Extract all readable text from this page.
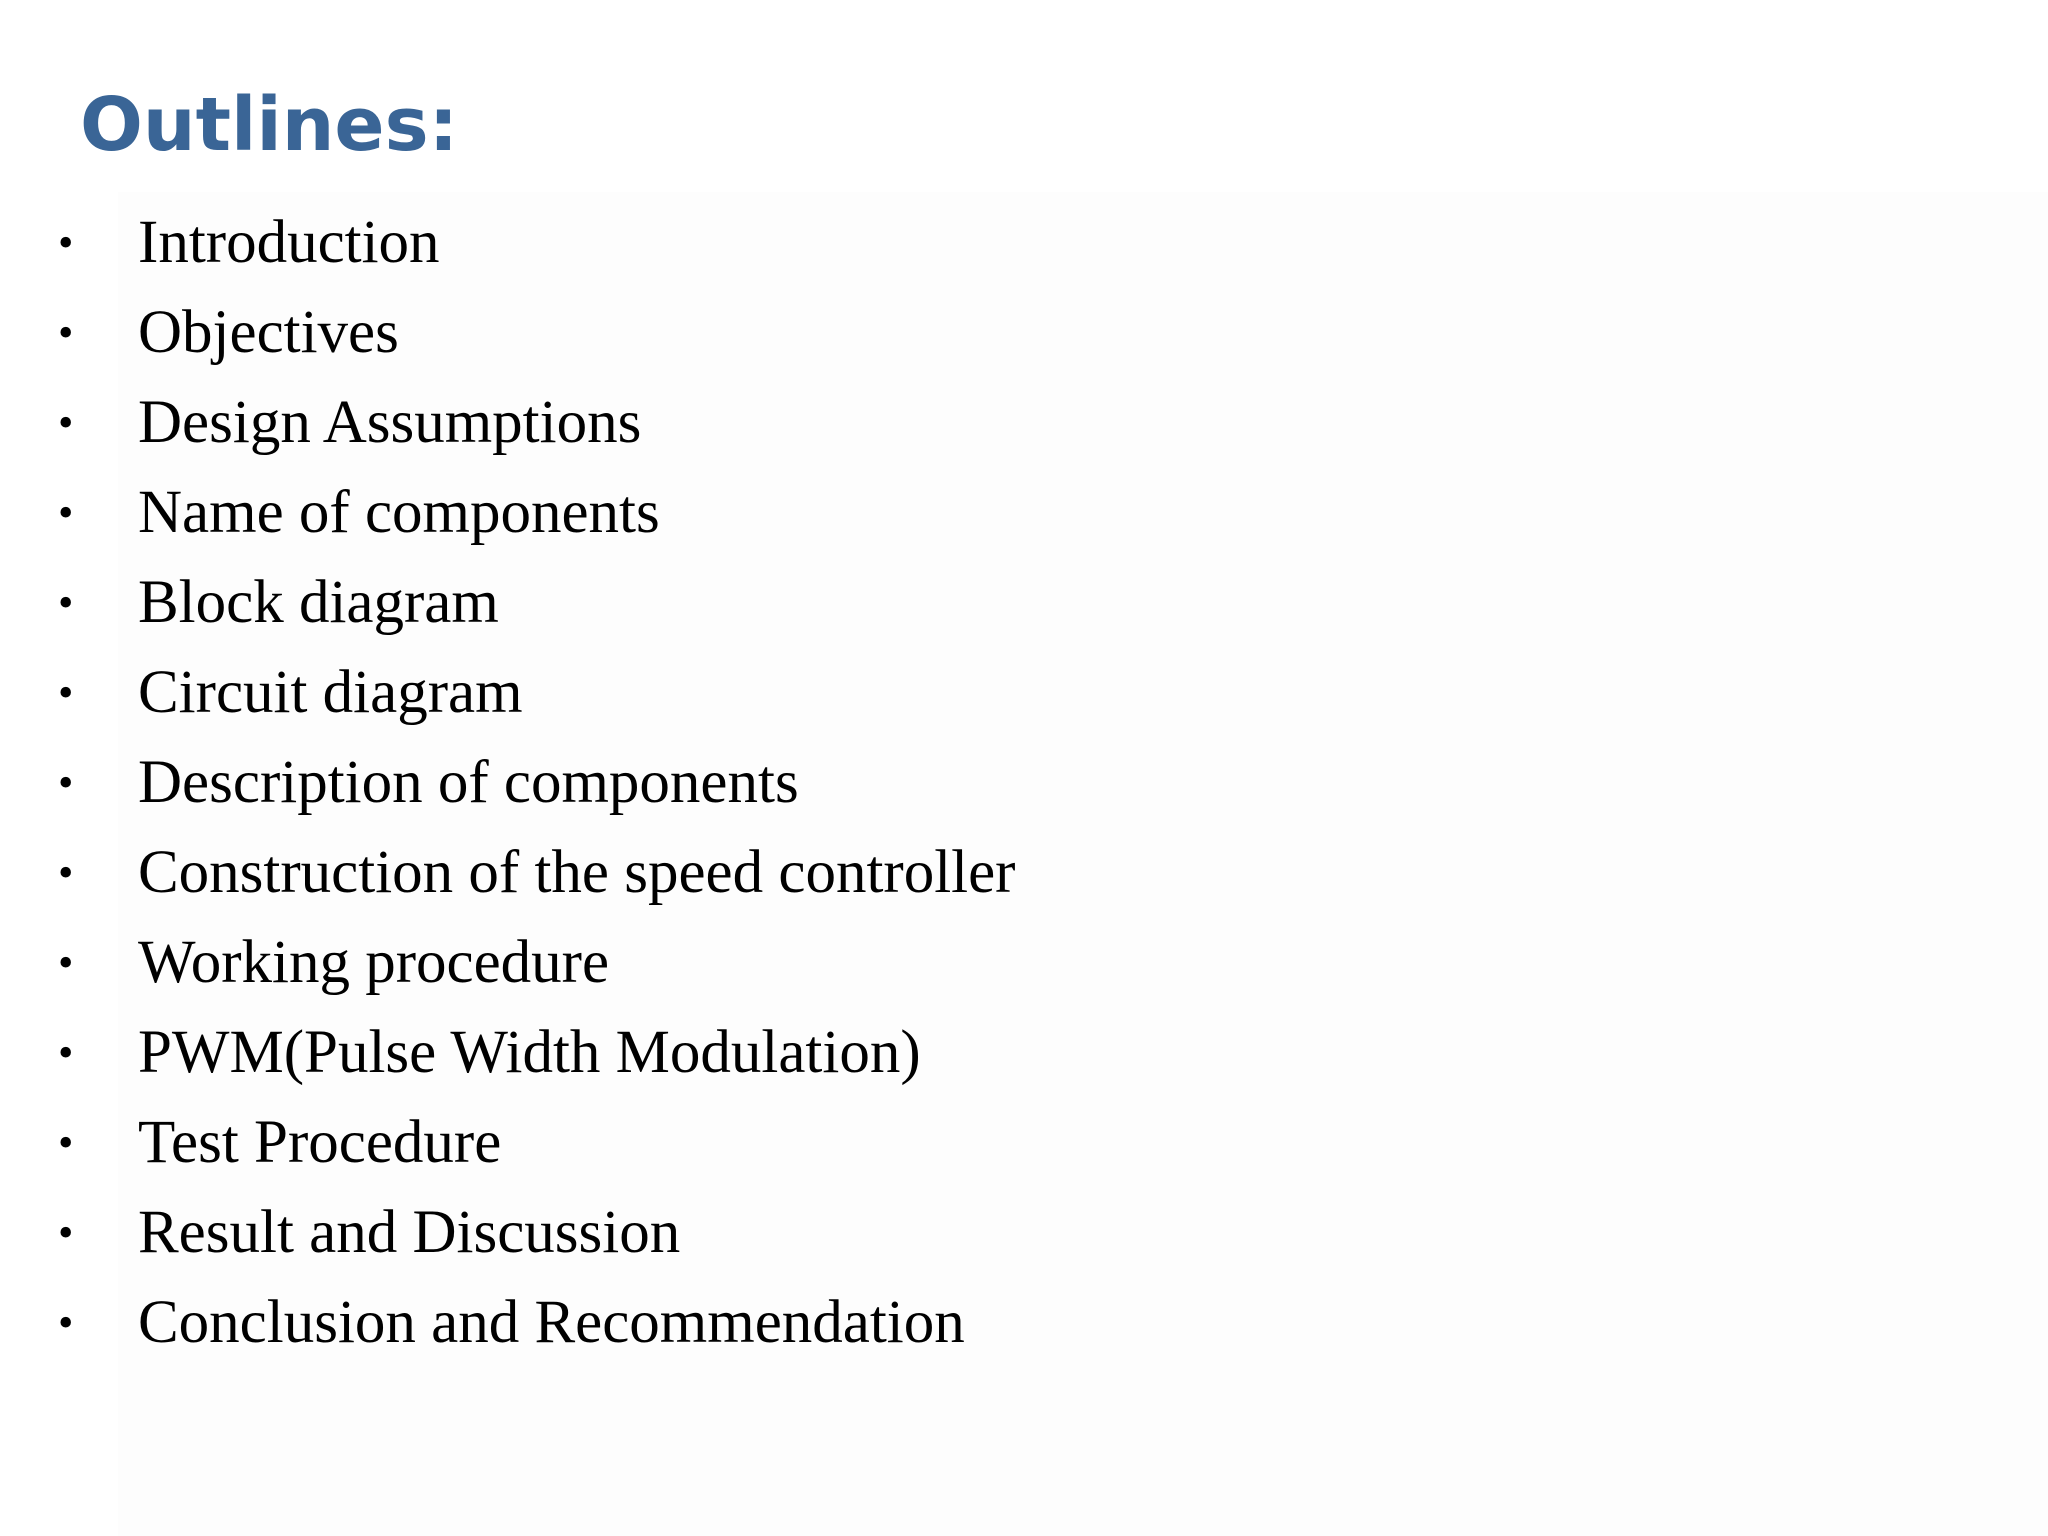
Outlines:
• Introduction
• Objectives
• Design Assumptions
• Name of components
• Block diagram
• Circuit diagram
• Description of components
• Construction of the speed controller
• Working procedure
• PWM(Pulse Width Modulation)
• Test Procedure
• Result and Discussion
• Conclusion and Recommendation
